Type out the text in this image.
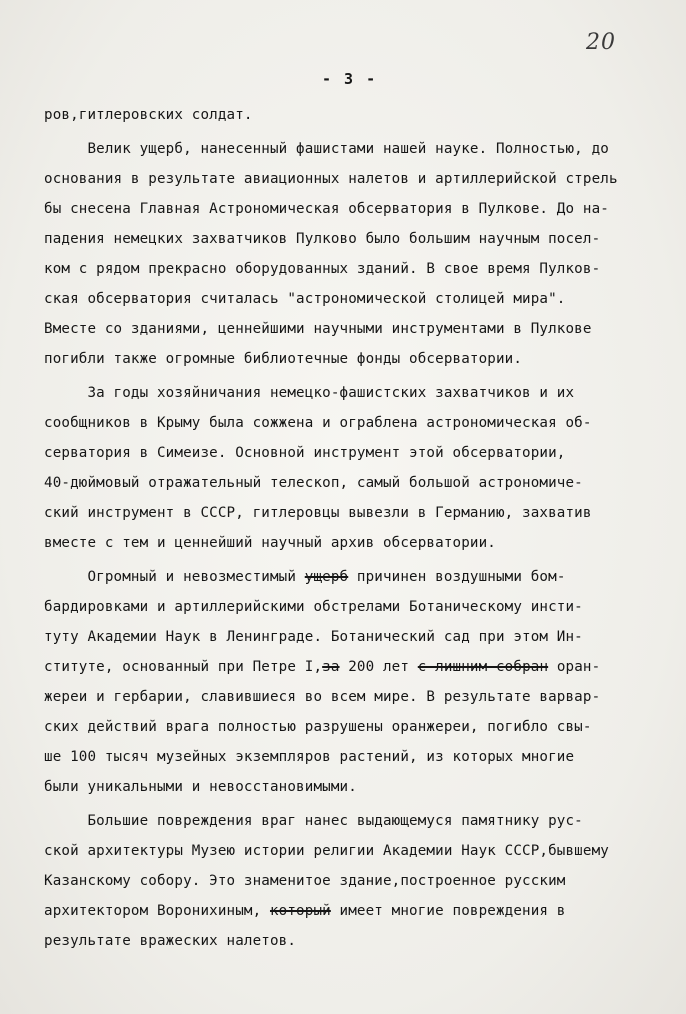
20
- 3 -
ров,гитлеровских солдат.
Велик ущерб, нанесенный фашистами нашей науке. Полностью, до
основания в результате авиационных налетов и артиллерийской стрель
бы снесена Главная Астрономическая обсерватория в Пулкове. До на-
падения немецких захватчиков Пулково было большим научным посел-
ком с рядом прекрасно оборудованных зданий. В свое время Пулков-
ская обсерватория считалась "астрономической столицей мира".
Вместе со зданиями, ценнейшими научными инструментами в Пулкове
погибли также огромные библиотечные фонды обсерватории.
За годы хозяйничания немецко-фашистских захватчиков и их
сообщников в Крыму была сожжена и ограблена астрономическая об-
серватория в Симеизе. Основной инструмент этой обсерватории,
40-дюймовый отражательный телескоп, самый большой астрономиче-
ский инструмент в СССР, гитлеровцы вывезли в Германию, захватив
вместе с тем и ценнейший научный архив обсерватории.
Огромный и невозместимый
ущерб причинен воздушными бом-
бардировками и артиллерийскими обстрелами Ботаническому инсти-
туту Академии Наук в Ленинграде. Ботанический сад при этом Ин-
ституте, основанный при Петре I,за 200 лет
с лишним собран оран-
жереи и гербарии, славившиеся во всем мире. В результате варвар-
ских действий врага полностью разрушены оранжереи, погибло свы-
ше 100 тысяч музейных экземпляров растений, из которых многие
были уникальными и невосстановимыми.
Большие повреждения враг нанес выдающемуся памятнику рус-
ской архитектуры Музею истории религии Академии Наук СССР,бывшему
Казанскому собору. Это знаменитое здание,построенное русским
архитектором Воронихиным, который имеет многие повреждения в
результате вражеских налетов.
